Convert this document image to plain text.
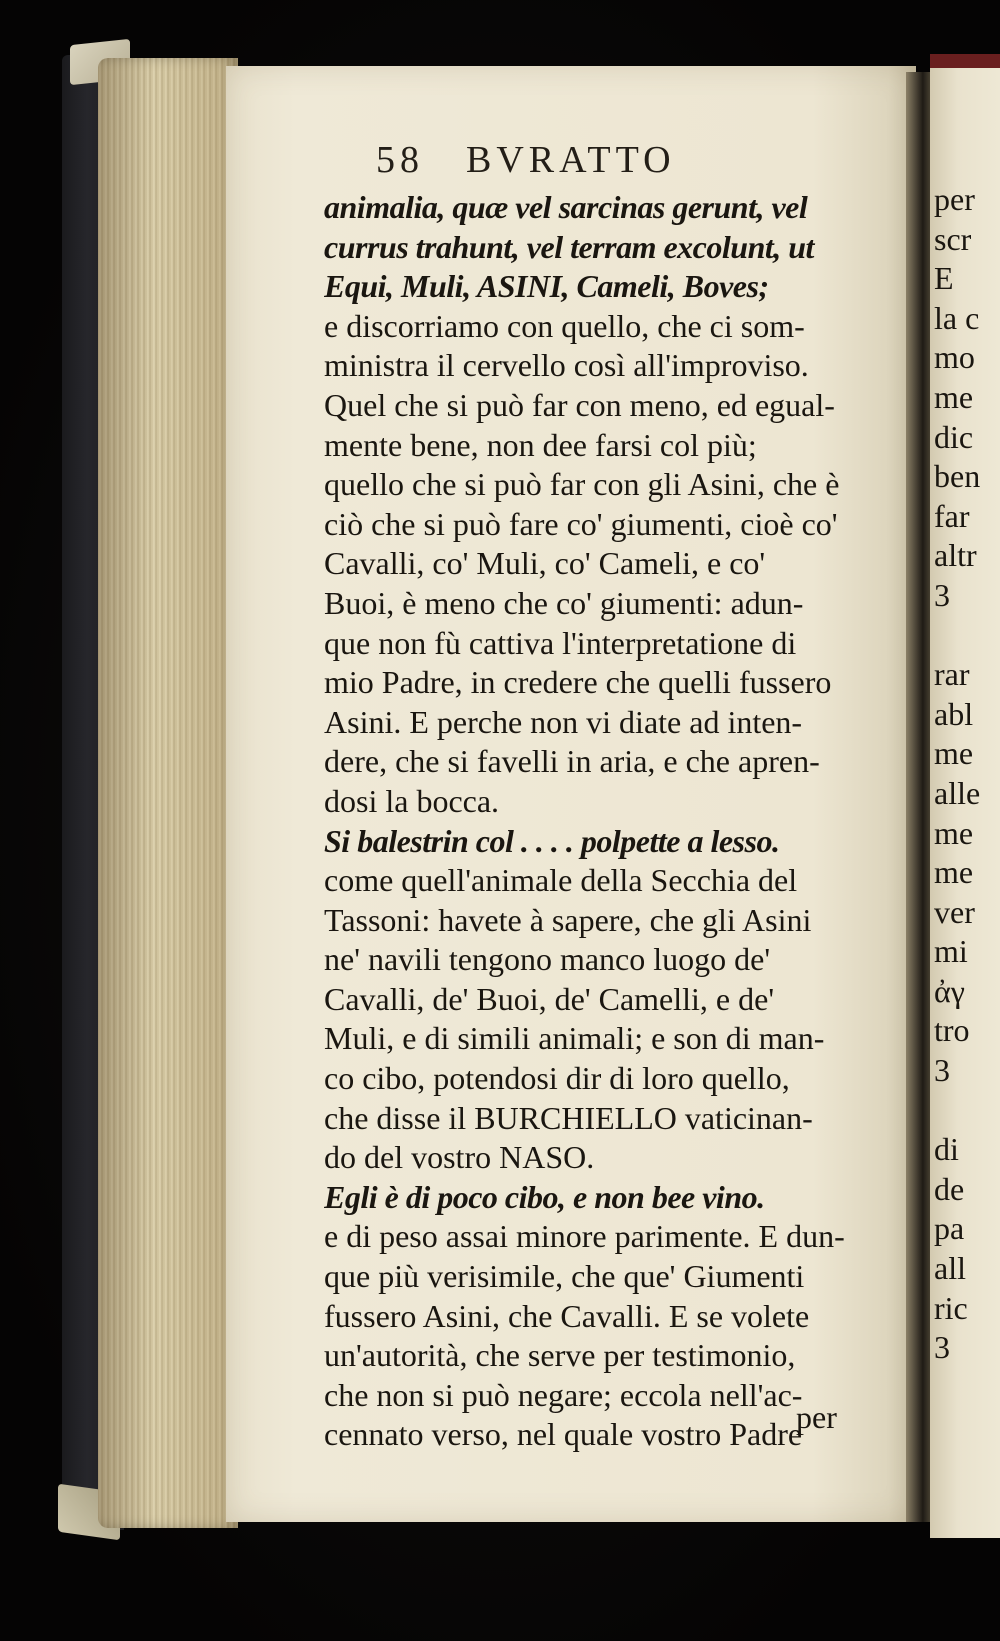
58 BVRATTO
animalia, quæ vel sarcinas gerunt, vel
currus trahunt, vel terram excolunt, ut
Equi, Muli, ASINI, Cameli, Boves;
e discorriamo con quello, che ci som-
ministra il cervello così all'improviso.
Quel che si può far con meno, ed egual-
mente bene, non dee farsi col più;
quello che si può far con gli Asini, che è
ciò che si può fare co' giumenti, cioè co'
Cavalli, co' Muli, co' Cameli, e co'
Buoi, è meno che co' giumenti: adun-
que non fù cattiva l'interpretatione di
mio Padre, in credere che quelli fussero
Asini. E perche non vi diate ad inten-
dere, che si favelli in aria, e che apren-
dosi la bocca.
Si balestrin col . . . . polpette a lesso.
come quell'animale della Secchia del
Tassoni: havete à sapere, che gli Asini
ne' navili tengono manco luogo de'
Cavalli, de' Buoi, de' Camelli, e de'
Muli, e di simili animali; e son di man-
co cibo, potendosi dir di loro quello,
che disse il BURCHIELLO vaticinan-
do del vostro NASO.
Egli è di poco cibo, e non bee vino.
e di peso assai minore parimente. E dun-
que più verisimile, che que' Giumenti
fussero Asini, che Cavalli. E se volete
un'autorità, che serve per testimonio,
che non si può negare; eccola nell'ac-
cennato verso, nel quale vostro Padre
per
per
scr
E
la c
mo
me
dic
ben
far
altr
3
rar
abl
me
alle
me
me
ver
mi
ἀγ
tro
3
di
de
pa
all
ric
3
